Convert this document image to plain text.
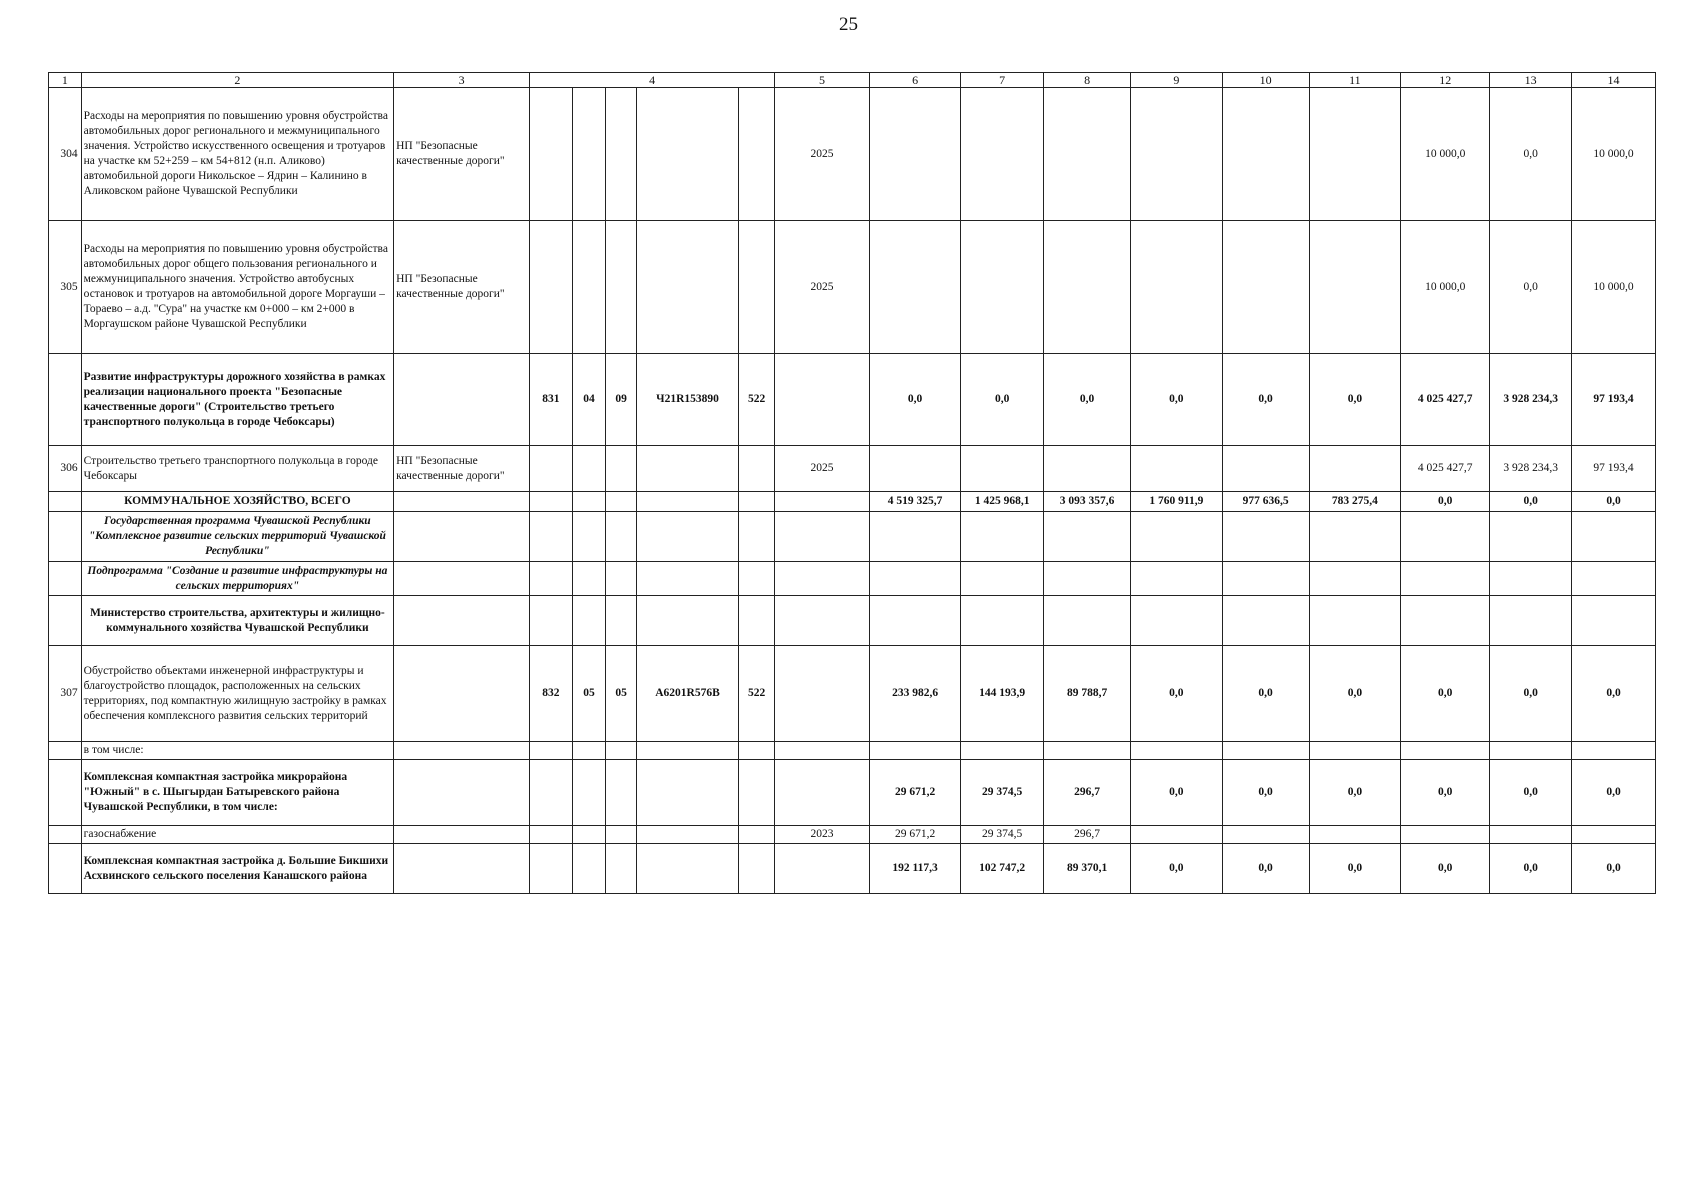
25
1	2	3	4					5	6	7	8	9	10	11	12	13	14
304	Расходы на мероприятия по повышению уровня обустройства автомобильных дорог регионального и межмуниципального значения. Устройство искусственного освещения и тротуаров на участке км 52+259 – км 54+812 (н.п. Аликово) автомобильной дороги Никольское – Ядрин – Калинино в Аликовском районе Чувашской Республики	НП "Безопасные качественные дороги"						2025							10 000,0	0,0	10 000,0
305	Расходы на мероприятия по повышению уровня обустройства автомобильных дорог общего пользования регионального и межмуниципального значения. Устройство автобусных остановок и тротуаров на автомобильной дороге Моргауши – Тораево – а.д. "Сура" на участке км 0+000 – км 2+000 в Моргаушском районе Чувашской Республики	НП "Безопасные качественные дороги"						2025							10 000,0	0,0	10 000,0
	Развитие инфраструктуры дорожного хозяйства в рамках реализации национального проекта "Безопасные качественные дороги" (Строительство третьего транспортного полукольца в городе Чебоксары)		831	04	09	Ч21R153890	522		0,0	0,0	0,0	0,0	0,0	0,0	4 025 427,7	3 928 234,3	97 193,4
306	Строительство третьего транспортного полукольца в городе Чебоксары	НП "Безопасные качественные дороги"						2025							4 025 427,7	3 928 234,3	97 193,4
	КОММУНАЛЬНОЕ ХОЗЯЙСТВО, ВСЕГО								4 519 325,7	1 425 968,1	3 093 357,6	1 760 911,9	977 636,5	783 275,4	0,0	0,0	0,0
	Государственная программа Чувашской Республики "Комплексное развитие сельских территорий Чувашской Республики"																
	Подпрограмма "Создание и развитие инфраструктуры на сельских территориях"																
	Министерство строительства, архитектуры и жилищно-коммунального хозяйства Чувашской Республики																
307	Обустройство объектами инженерной инфраструктуры и благоустройство площадок, расположенных на сельских территориях, под компактную жилищную застройку в рамках обеспечения комплексного развития сельских территорий		832	05	05	А6201R576B	522		233 982,6	144 193,9	89 788,7	0,0	0,0	0,0	0,0	0,0	0,0
	в том числе:																
	Комплексная компактная застройка микрорайона "Южный" в с. Шыгырдан Батыревского района Чувашской Республики, в том числе:								29 671,2	29 374,5	296,7	0,0	0,0	0,0	0,0	0,0	0,0
	газоснабжение							2023	29 671,2	29 374,5	296,7						
	Комплексная компактная застройка д. Большие Бикшихи Асхвинского сельского поселения Канашского района								192 117,3	102 747,2	89 370,1	0,0	0,0	0,0	0,0	0,0	0,0
